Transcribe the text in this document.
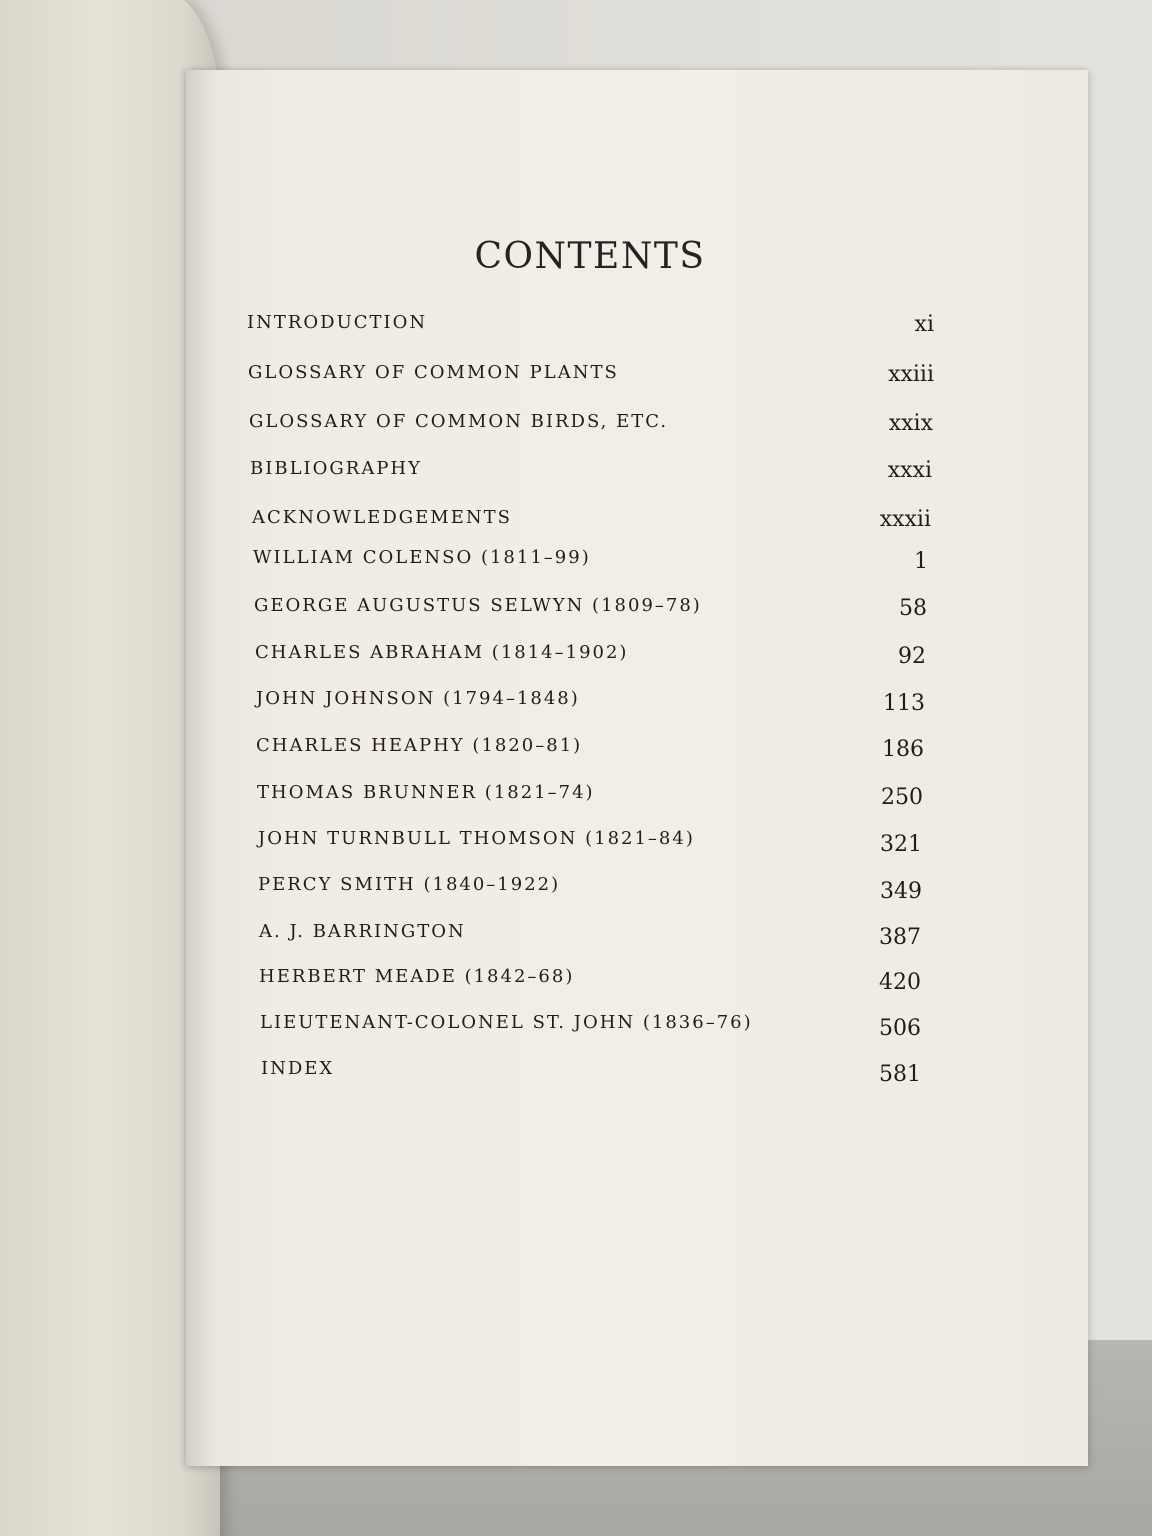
CONTENTS
INTRODUCTION	xi
GLOSSARY OF COMMON PLANTS	xxiii
GLOSSARY OF COMMON BIRDS, ETC.	xxix
BIBLIOGRAPHY	xxxi
ACKNOWLEDGEMENTS	xxxii
WILLIAM COLENSO (1811–99)	1
GEORGE AUGUSTUS SELWYN (1809–78)	58
CHARLES ABRAHAM (1814–1902)	92
JOHN JOHNSON (1794–1848)	113
CHARLES HEAPHY (1820–81)	186
THOMAS BRUNNER (1821–74)	250
JOHN TURNBULL THOMSON (1821–84)	321
PERCY SMITH (1840–1922)	349
A. J. BARRINGTON	387
HERBERT MEADE (1842–68)	420
LIEUTENANT-COLONEL ST. JOHN (1836–76)	506
INDEX	581
